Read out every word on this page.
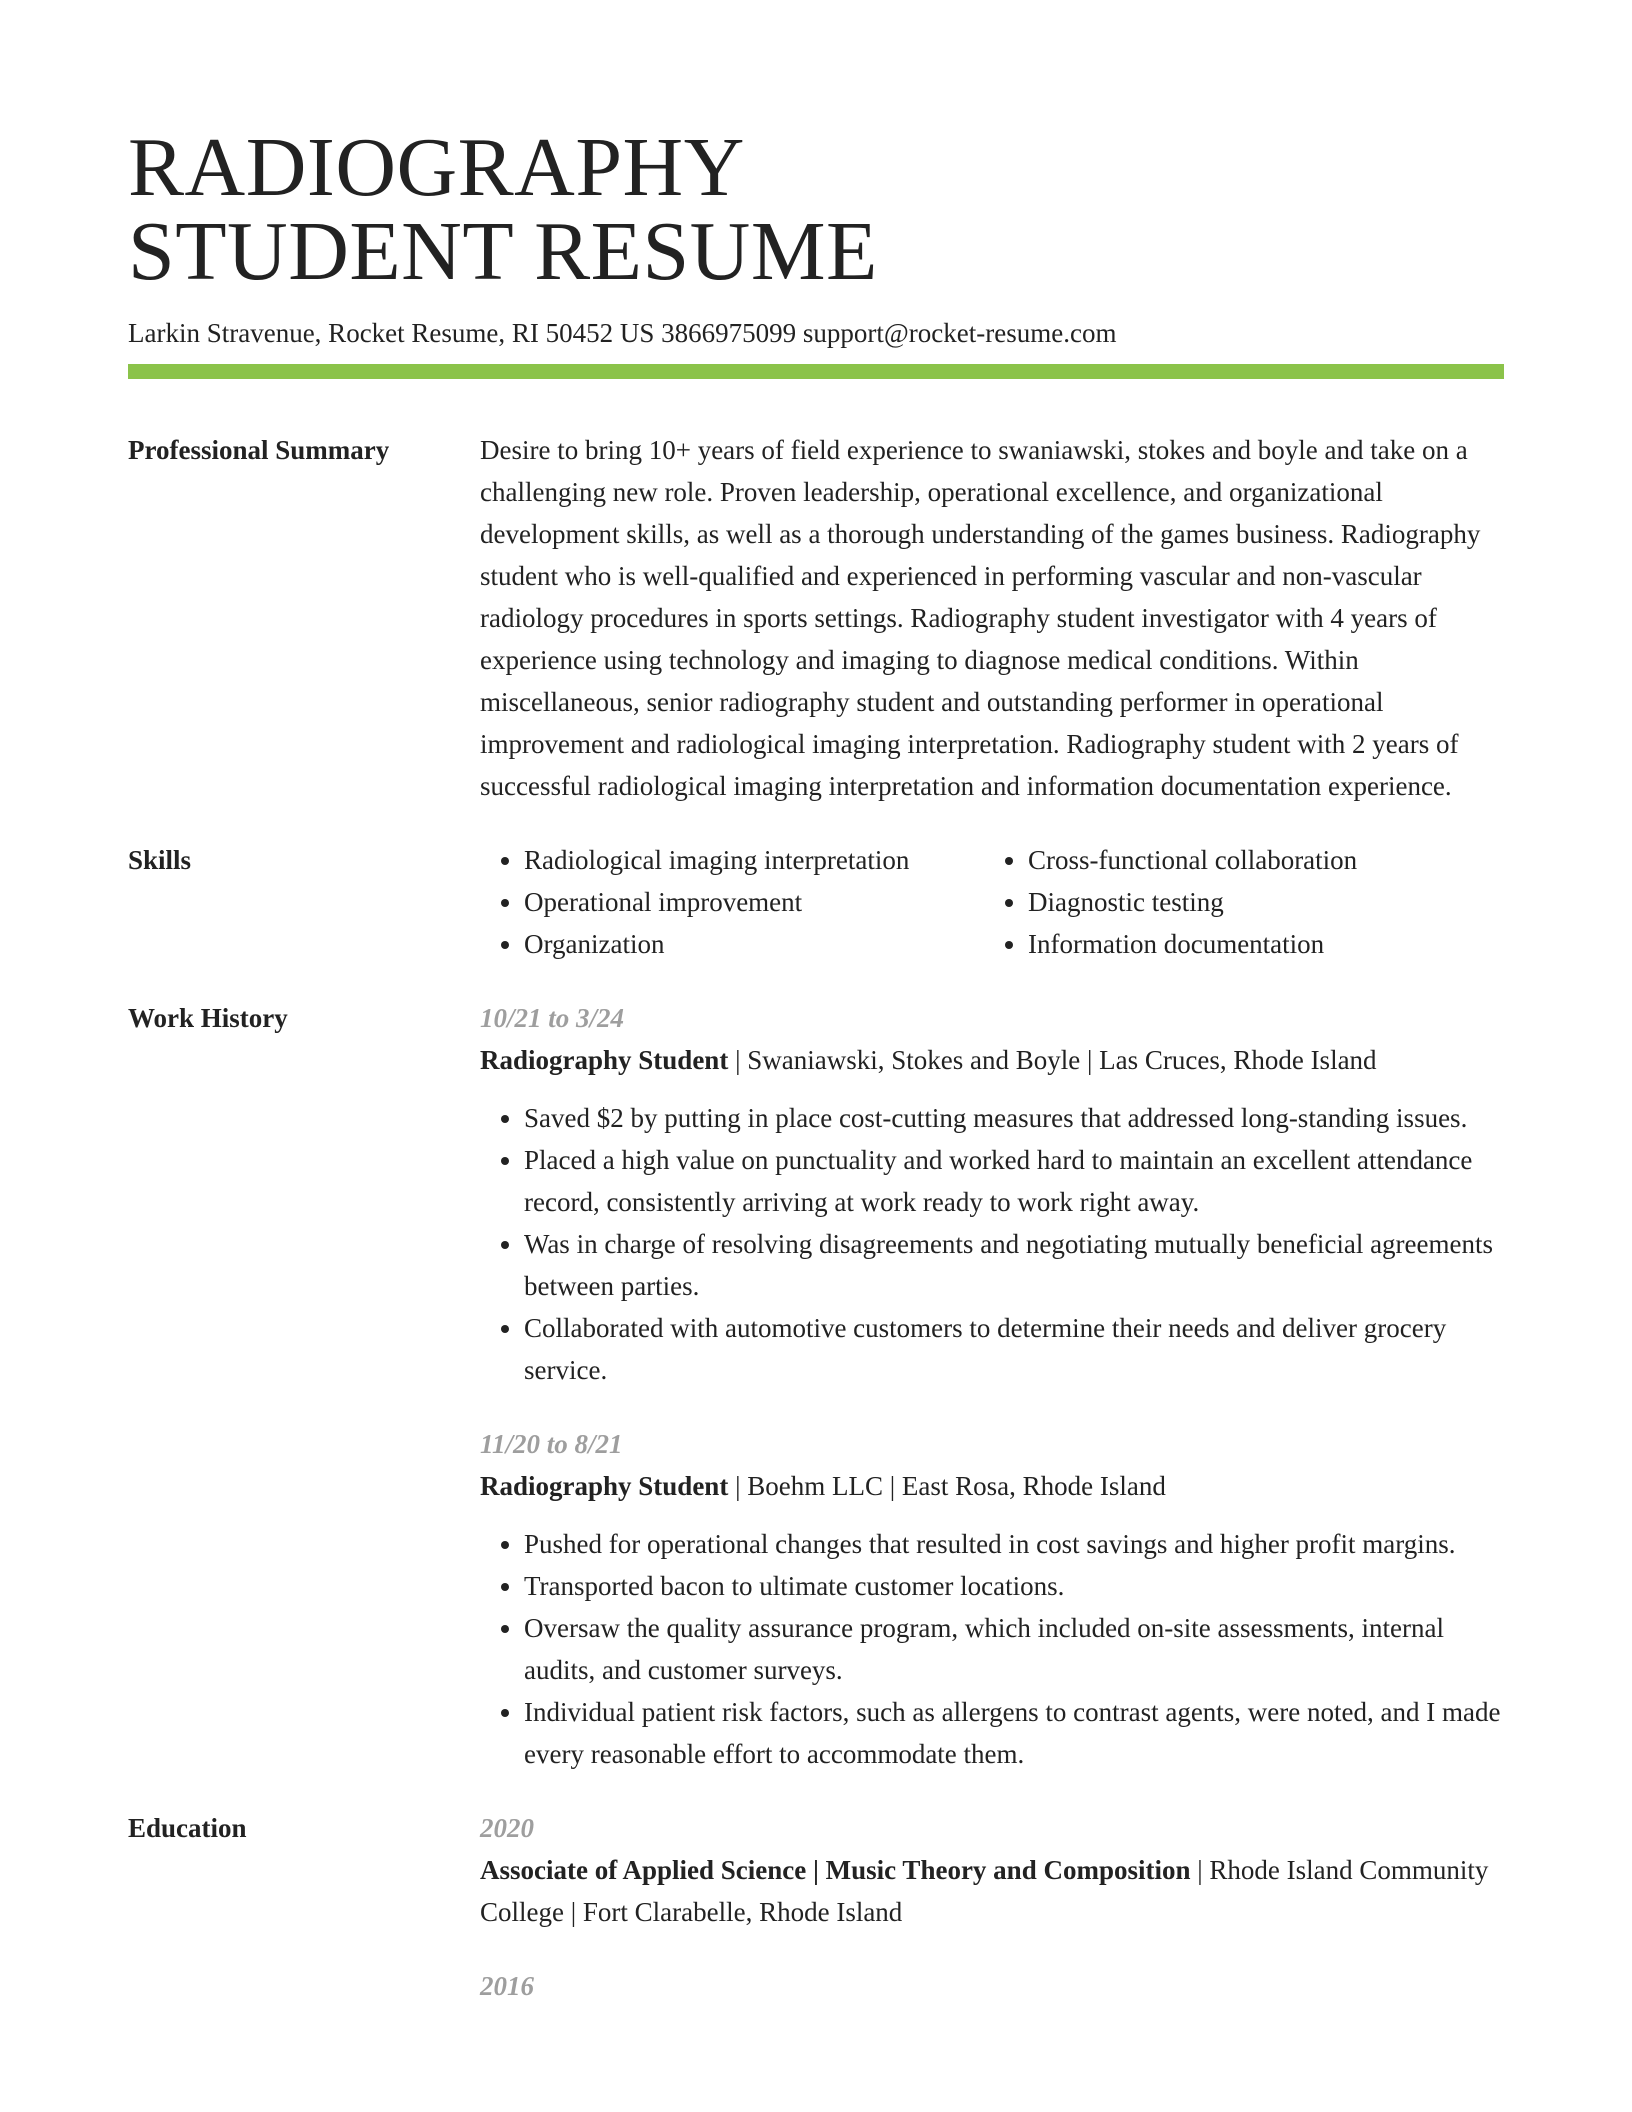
RADIOGRAPHY
STUDENT RESUME
Larkin Stravenue, Rocket Resume, RI 50452 US 3866975099 support@rocket-resume.com
Professional Summary	Desire to bring 10+ years of field experience to swaniawski, stokes and boyle and take on a challenging new role. Proven leadership, operational excellence, and organizational development skills, as well as a thorough understanding of the games business. Radiography student who is well-qualified and experienced in performing vascular and non-vascular radiology procedures in sports settings. Radiography student investigator with 4 years of experience using technology and imaging to diagnose medical conditions. Within miscellaneous, senior radiography student and outstanding performer in operational improvement and radiological imaging interpretation. Radiography student with 2 years of successful radiological imaging interpretation and information documentation experience.
Skills
•	Radiological imaging interpretation
• Operational improvement
• Organization
• Cross-functional collaboration
• Diagnostic testing
• Information documentation
Work History	10/21 to 3/24
Radiography Student | Swaniawski, Stokes and Boyle | Las Cruces, Rhode Island
• Saved $2 by putting in place cost-cutting measures that addressed long-standing issues.
• Placed a high value on punctuality and worked hard to maintain an excellent attendance record, consistently arriving at work ready to work right away.
• Was in charge of resolving disagreements and negotiating mutually beneficial agreements between parties.
• Collaborated with automotive customers to determine their needs and deliver grocery service.
11/20 to 8/21
Radiography Student | Boehm LLC | East Rosa, Rhode Island
• Pushed for operational changes that resulted in cost savings and higher profit margins.
• Transported bacon to ultimate customer locations.
• Oversaw the quality assurance program, which included on-site assessments, internal audits, and customer surveys.
• Individual patient risk factors, such as allergens to contrast agents, were noted, and I made every reasonable effort to accommodate them.
Education	2020
Associate of Applied Science | Music Theory and Composition | Rhode Island Community College | Fort Clarabelle, Rhode Island
2016
